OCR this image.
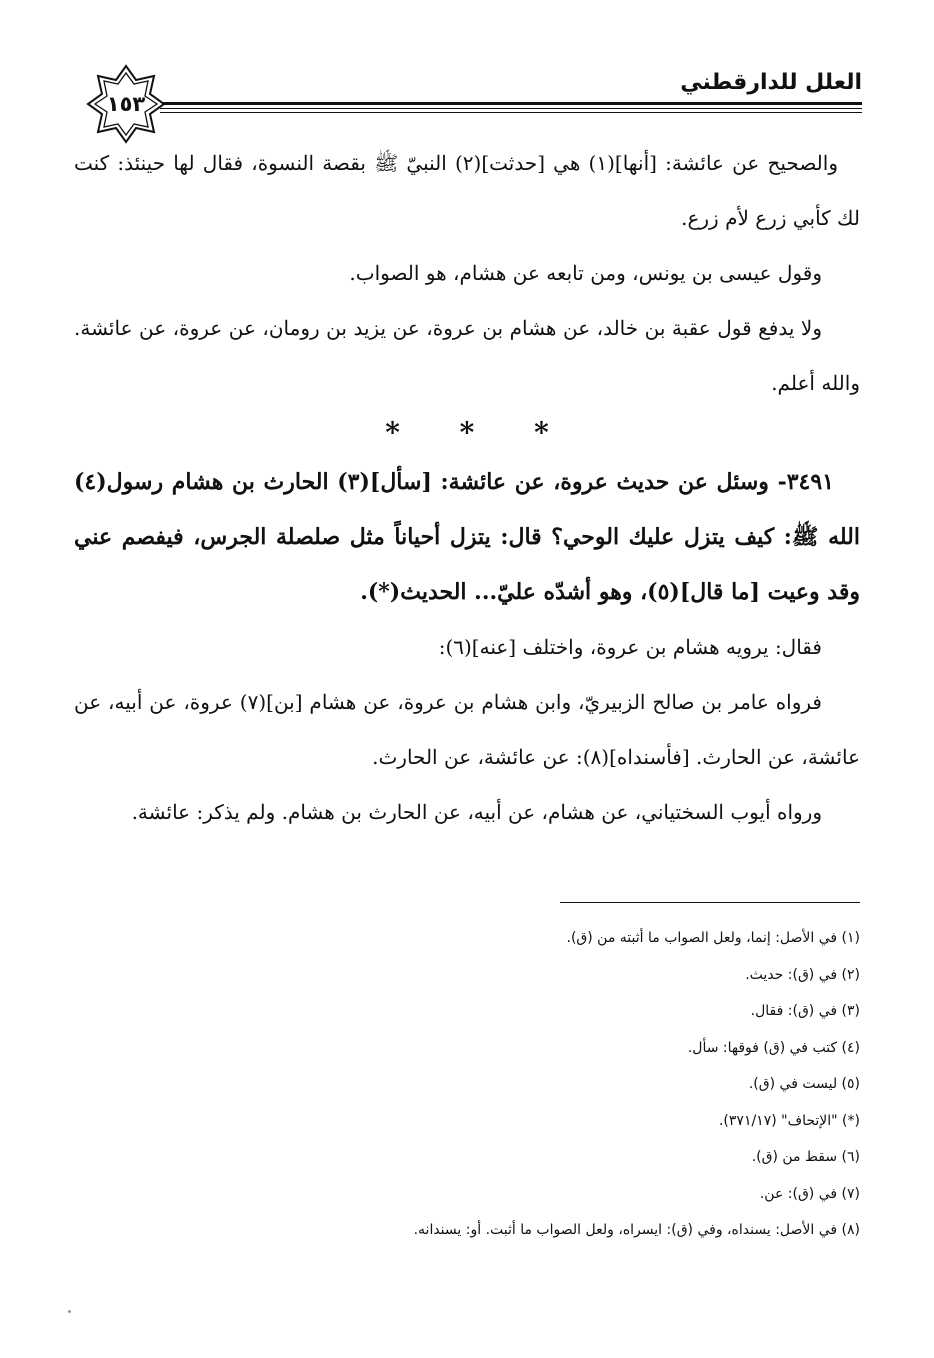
العلل للدارقطني
١٥٣

والصحيح عن عائشة: [أنها](١) هي [حدثت](٢) النبيّ ﷺ بقصة النسوة، فقال لها حينئذ: كنت لك كأبي زرع لأم زرع.

وقول عيسى بن يونس، ومن تابعه عن هشام، هو الصواب.

ولا يدفع قول عقبة بن خالد، عن هشام بن عروة، عن يزيد بن رومان، عن عروة، عن عائشة. والله أعلم.

* * *

٣٤٩١- وسئل عن حديث عروة، عن عائشة: [سأل](٣) الحارث بن هشام رسول(٤) الله ﷺ: كيف يتزل عليك الوحي؟ قال: يتزل أحياناً مثل صلصلة الجرس، فيفصم عني وقد وعيت [ما قال](٥)، وهو أشدّه عليّ... الحديث(*).

فقال: يرويه هشام بن عروة، واختلف [عنه](٦):

فرواه عامر بن صالح الزبيريّ، وابن هشام بن عروة، عن هشام [بن](٧) عروة، عن أبيه، عن عائشة، عن الحارث. [فأسنداه](٨): عن عائشة، عن الحارث.

ورواه أيوب السختياني، عن هشام، عن أبيه، عن الحارث بن هشام. ولم يذكر: عائشة.

(١) في الأصل: إنما، ولعل الصواب ما أثبته من (ق).

(٢) في (ق): حديث.

(٣) في (ق): فقال.

(٤) كتب في (ق) فوقها: سأل.

(٥) ليست في (ق).

(*) "الإتحاف" (٣٧١/١٧).

(٦) سقط من (ق).

(٧) في (ق): عن.

(٨) في الأصل: يسنداه، وفي (ق): ايسراه، ولعل الصواب ما أثبت. أو: يسندانه.
